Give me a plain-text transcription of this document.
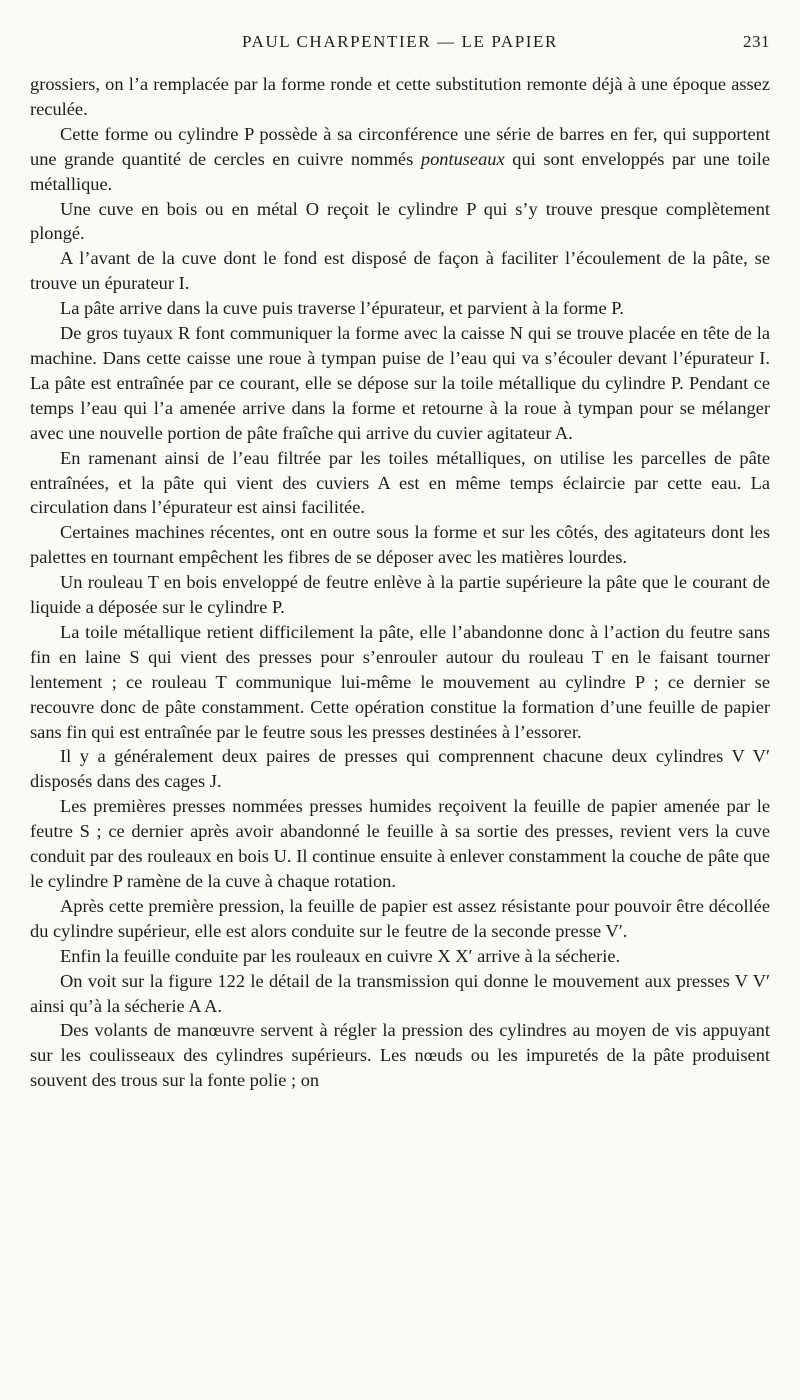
PAUL CHARPENTIER — LE PAPIER	231

grossiers, on l’a remplacée par la forme ronde et cette substitution remonte déjà à une époque assez reculée.

Cette forme ou cylindre P possède à sa circonférence une série de barres en fer, qui supportent une grande quantité de cercles en cuivre nommés pontuseaux qui sont enveloppés par une toile métallique.

Une cuve en bois ou en métal O reçoit le cylindre P qui s’y trouve presque complètement plongé.

A l’avant de la cuve dont le fond est disposé de façon à faciliter l’écoulement de la pâte, se trouve un épurateur I.

La pâte arrive dans la cuve puis traverse l’épurateur, et parvient à la forme P.

De gros tuyaux R font communiquer la forme avec la caisse N qui se trouve placée en tête de la machine. Dans cette caisse une roue à tympan puise de l’eau qui va s’écouler devant l’épurateur I. La pâte est entraînée par ce courant, elle se dépose sur la toile métallique du cylindre P. Pendant ce temps l’eau qui l’a amenée arrive dans la forme et retourne à la roue à tympan pour se mélanger avec une nouvelle portion de pâte fraîche qui arrive du cuvier agitateur A.

En ramenant ainsi de l’eau filtrée par les toiles métalliques, on utilise les parcelles de pâte entraînées, et la pâte qui vient des cuviers A est en même temps éclaircie par cette eau. La circulation dans l’épurateur est ainsi facilitée.

Certaines machines récentes, ont en outre sous la forme et sur les côtés, des agitateurs dont les palettes en tournant empêchent les fibres de se déposer avec les matières lourdes.

Un rouleau T en bois enveloppé de feutre enlève à la partie supérieure la pâte que le courant de liquide a déposée sur le cylindre P.

La toile métallique retient difficilement la pâte, elle l’abandonne donc à l’action du feutre sans fin en laine S qui vient des presses pour s’enrouler autour du rouleau T en le faisant tourner lentement ; ce rouleau T communique lui-même le mouvement au cylindre P ; ce dernier se recouvre donc de pâte constamment. Cette opération constitue la formation d’une feuille de papier sans fin qui est entraînée par le feutre sous les presses destinées à l’essorer.

Il y a généralement deux paires de presses qui comprennent chacune deux cylindres V V′ disposés dans des cages J.

Les premières presses nommées presses humides reçoivent la feuille de papier amenée par le feutre S ; ce dernier après avoir abandonné le feuille à sa sortie des presses, revient vers la cuve conduit par des rouleaux en bois U. Il continue ensuite à enlever constamment la couche de pâte que le cylindre P ramène de la cuve à chaque rotation.

Après cette première pression, la feuille de papier est assez résistante pour pouvoir être décollée du cylindre supérieur, elle est alors conduite sur le feutre de la seconde presse V′.

Enfin la feuille conduite par les rouleaux en cuivre X X′ arrive à la sécherie.

On voit sur la figure 122 le détail de la transmission qui donne le mouvement aux presses V V′ ainsi qu’à la sécherie A A.

Des volants de manœuvre servent à régler la pression des cylindres au moyen de vis appuyant sur les coulisseaux des cylindres supérieurs. Les nœuds ou les impuretés de la pâte produisent souvent des trous sur la fonte polie ; on
